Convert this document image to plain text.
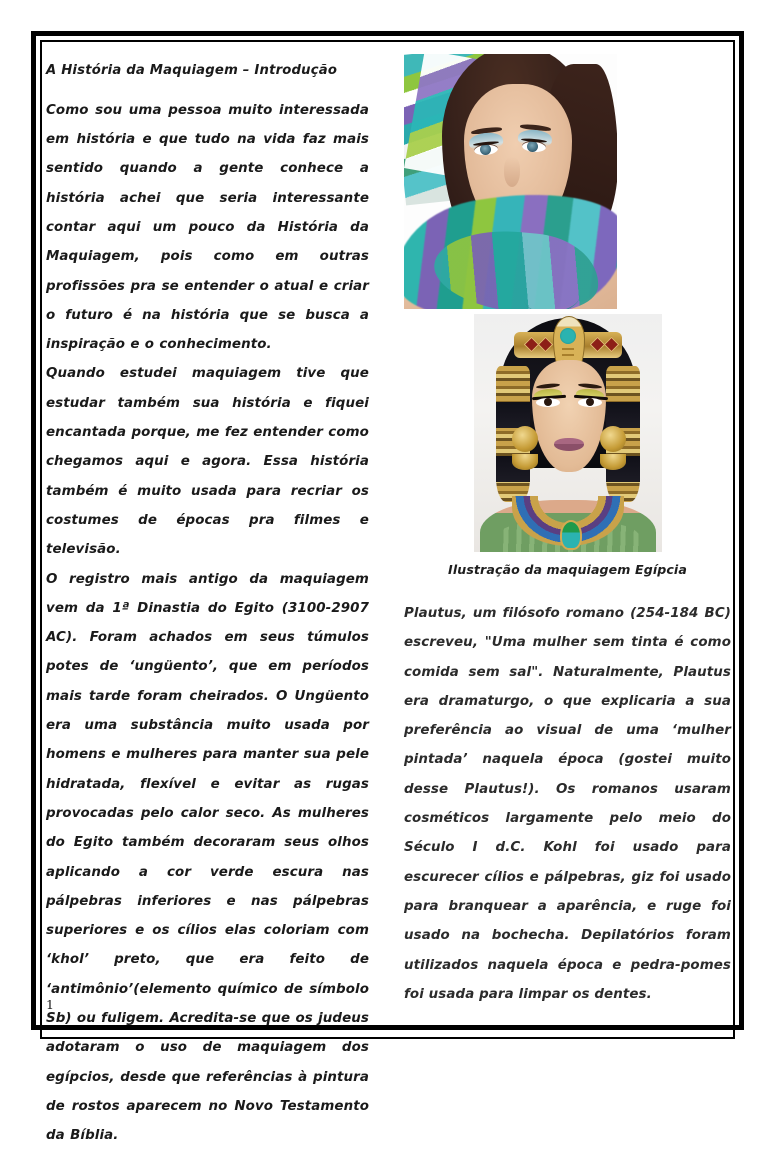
A História da Maquiagem – Introdução

Como sou uma pessoa muito interessada em história e que tudo na vida faz mais sentido quando a gente conhece a história achei que seria interessante contar aqui um pouco da História da Maquiagem, pois como em outras profissões pra se entender o atual e criar o futuro é na história que se busca a inspiração e o conhecimento.

Quando estudei maquiagem tive que estudar também sua história e fiquei encantada porque, me fez entender como chegamos aqui e agora. Essa história também é muito usada para recriar os costumes de épocas pra filmes e televisão.

O registro mais antigo da maquiagem vem da 1ª Dinastia do Egito (3100-2907 AC). Foram achados em seus túmulos potes de ‘ungüento’, que em períodos mais tarde foram cheirados. O Ungüento era uma substância muito usada por homens e mulheres para manter sua pele hidratada, flexível e evitar as rugas provocadas pelo calor seco. As mulheres do Egito também decoraram seus olhos aplicando a cor verde escura nas pálpebras inferiores e nas pálpebras superiores e os cílios elas coloriam com ‘khol’ preto, que era feito de ‘antimônio’(elemento químico de símbolo Sb) ou fuligem. Acredita-se que os judeus adotaram o uso de maquiagem dos egípcios, desde que referências à pintura de rostos aparecem no Novo Testamento da Bíblia.

Ilustração da maquiagem Egípcia

Plautus, um filósofo romano (254-184 BC) escreveu, "Uma mulher sem tinta é como comida sem sal". Naturalmente, Plautus era dramaturgo, o que explicaria a sua preferência ao visual de uma ‘mulher pintada’ naquela época (gostei muito desse Plautus!). Os romanos usaram cosméticos largamente pelo meio do Século I d.C. Kohl foi usado para escurecer cílios e pálpebras, giz foi usado para branquear a aparência, e ruge foi usado na bochecha. Depilatórios foram utilizados naquela época e pedra-pomes foi usada para limpar os dentes.

1
